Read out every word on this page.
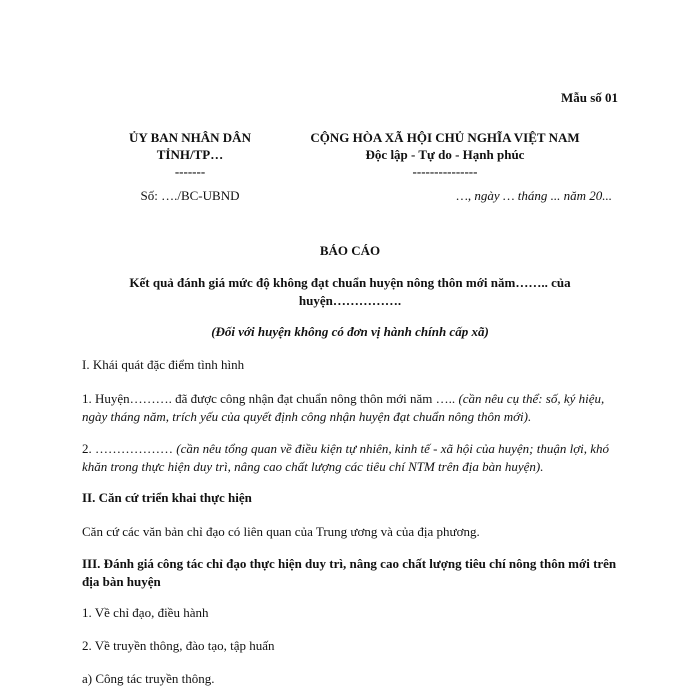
Mẫu số 01
ỦY BAN NHÂN DÂN
TỈNH/TP…
-------
CỘNG HÒA XÃ HỘI CHỦ NGHĨA VIỆT NAM
Độc lập - Tự do - Hạnh phúc
---------------
Số: …./BC-UBND	…, ngày … tháng ... năm 20...
BÁO CÁO
Kết quả đánh giá mức độ không đạt chuẩn huyện nông thôn mới năm…….. của huyện…………….
(Đối với huyện không có đơn vị hành chính cấp xã)
I. Khái quát đặc điểm tình hình
1. Huyện………. đã được công nhận đạt chuẩn nông thôn mới năm ….. (cần nêu cụ thể: số, ký hiệu, ngày tháng năm, trích yếu của quyết định công nhận huyện đạt chuẩn nông thôn mới).
2. ……………… (cần nêu tổng quan về điều kiện tự nhiên, kinh tế - xã hội của huyện; thuận lợi, khó khăn trong thực hiện duy trì, nâng cao chất lượng các tiêu chí NTM trên địa bàn huyện).
II. Căn cứ triển khai thực hiện
Căn cứ các văn bản chỉ đạo có liên quan của Trung ương và của địa phương.
III. Đánh giá công tác chỉ đạo thực hiện duy trì, nâng cao chất lượng tiêu chí nông thôn mới trên địa bàn huyện
1. Về chỉ đạo, điều hành
2. Về truyền thông, đào tạo, tập huấn
a) Công tác truyền thông.
